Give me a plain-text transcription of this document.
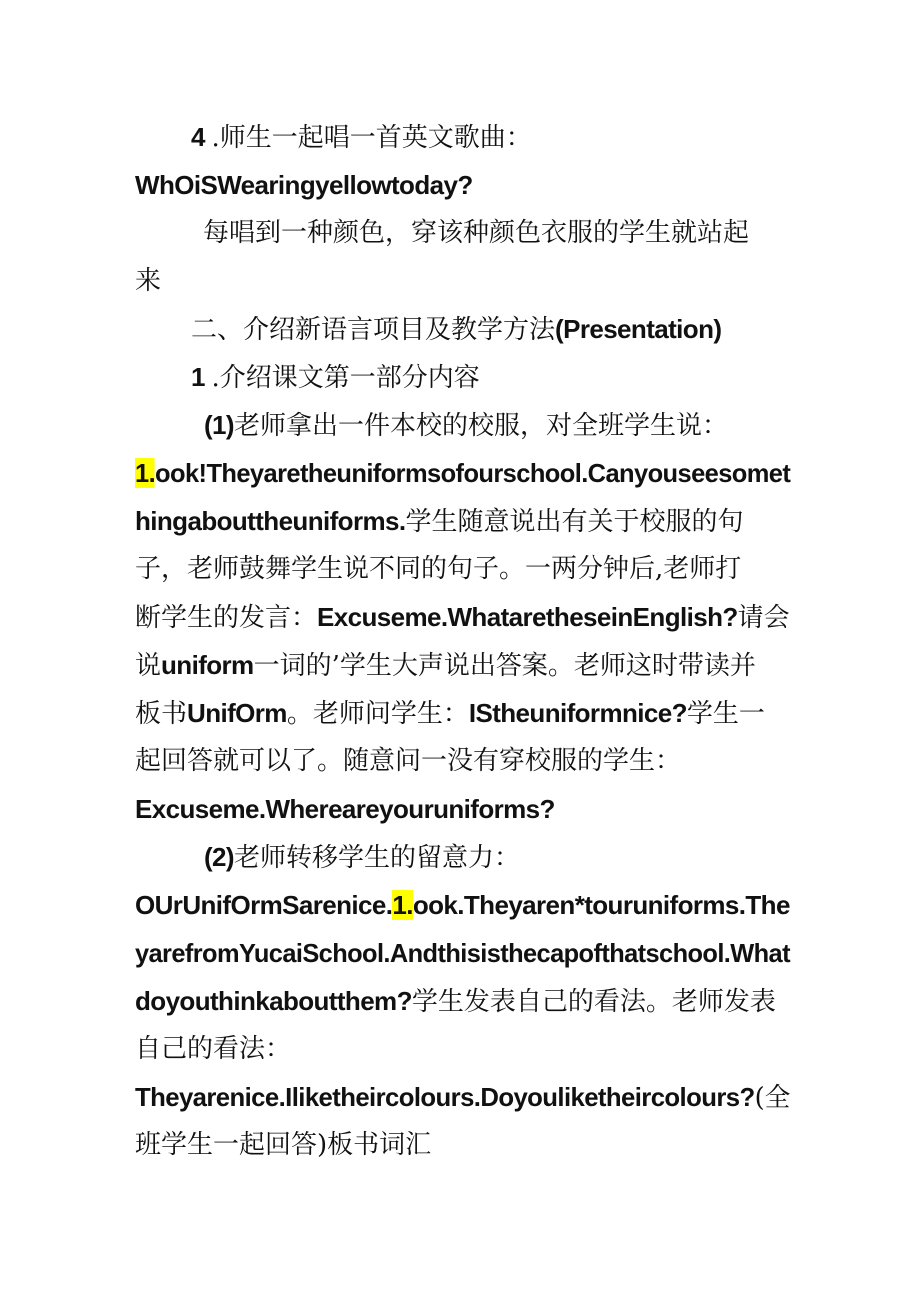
4 .师生一起唱一首英文歌曲：
WhOiSWearingyellowtoday?
每唱到一种颜色，穿该种颜色衣服的学生就站起
来
二、介绍新语言项目及教学方法(Presentation)
1 .介绍课文第一部分内容
(1)老师拿出一件本校的校服，对全班学生说：
1.ook!Theyaretheuniformsofourschool.Canyouseesomet
hingabouttheuniforms.学生随意说出有关于校服的句
子，老师鼓舞学生说不同的句子。一两分钟后,老师打
断学生的发言：Excuseme.WhataretheseinEnglish?请会
说uniform一词的’学生大声说出答案。老师这时带读并
板书UnifOrm。老师问学生：IStheuniformnice?学生一
起回答就可以了。随意问一没有穿校服的学生：
Excuseme.Whereareyouruniforms?
(2)老师转移学生的留意力：
OUrUnifOrmSarenice.1.ook.Theyaren*touruniforms.The
yarefromYucaiSchool.Andthisisthecapofthatschool.What
doyouthinkaboutthem?学生发表自己的看法。老师发表
自己的看法：
Theyarenice.Iliketheircolours.Doyouliketheircolours?(全
班学生一起回答)板书词汇
